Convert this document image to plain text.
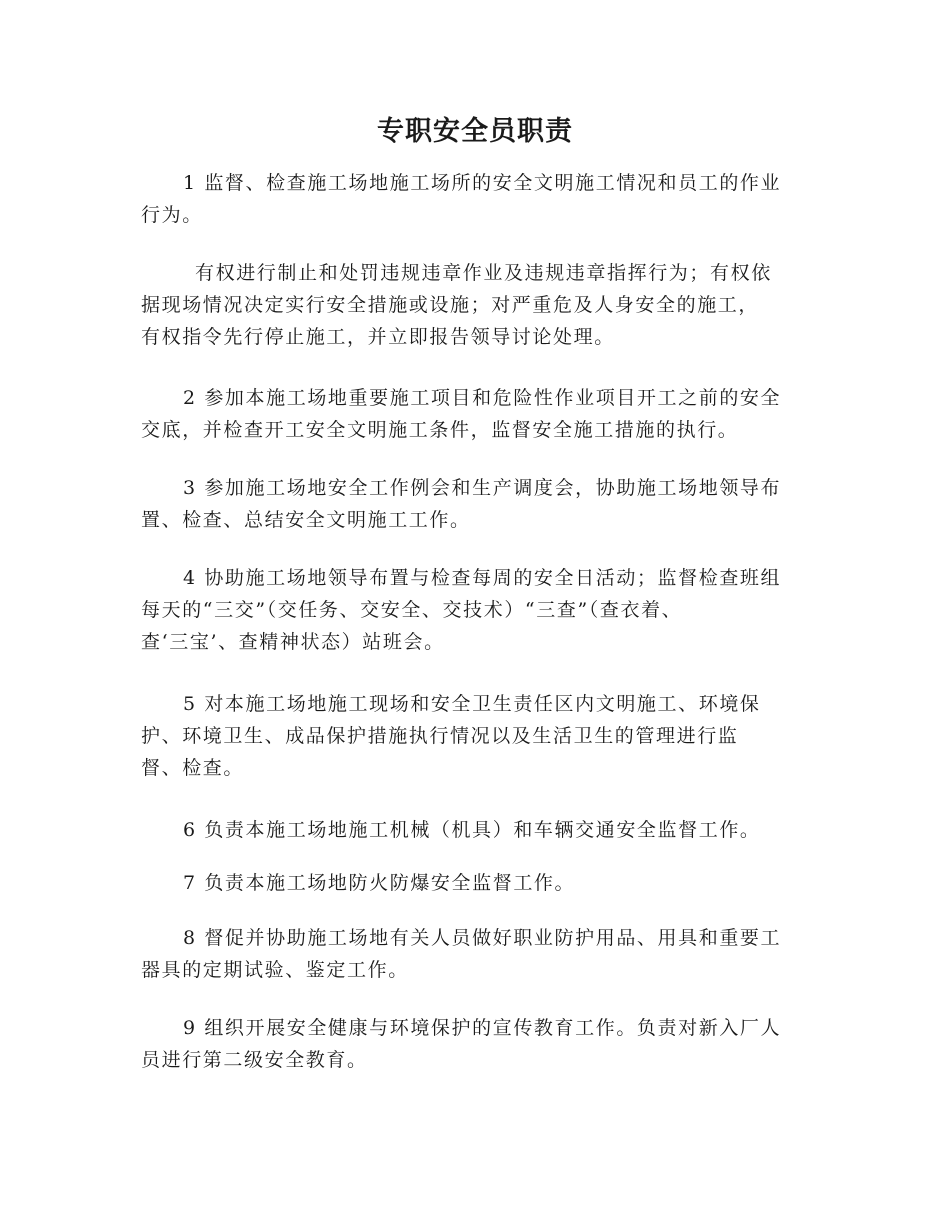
专职安全员职责
1 监督、检查施工场地施工场所的安全文明施工情况和员工的作业
行为。
有权进行制止和处罚违规违章作业及违规违章指挥行为；有权依
据现场情况决定实行安全措施或设施；对严重危及人身安全的施工，
有权指令先行停止施工，并立即报告领导讨论处理。
2 参加本施工场地重要施工项目和危险性作业项目开工之前的安全
交底，并检查开工安全文明施工条件，监督安全施工措施的执行。
3 参加施工场地安全工作例会和生产调度会，协助施工场地领导布
置、检查、总结安全文明施工工作。
4 协助施工场地领导布置与检查每周的安全日活动；监督检查班组
每天的“三交”（交任务、交安全、交技术）“三查”（查衣着、
查‘三宝’、查精神状态）站班会。
5 对本施工场地施工现场和安全卫生责任区内文明施工、环境保
护、环境卫生、成品保护措施执行情况以及生活卫生的管理进行监
督、检查。
6 负责本施工场地施工机械（机具）和车辆交通安全监督工作。
7 负责本施工场地防火防爆安全监督工作。
8 督促并协助施工场地有关人员做好职业防护用品、用具和重要工
器具的定期试验、鉴定工作。
9 组织开展安全健康与环境保护的宣传教育工作。负责对新入厂人
员进行第二级安全教育。
